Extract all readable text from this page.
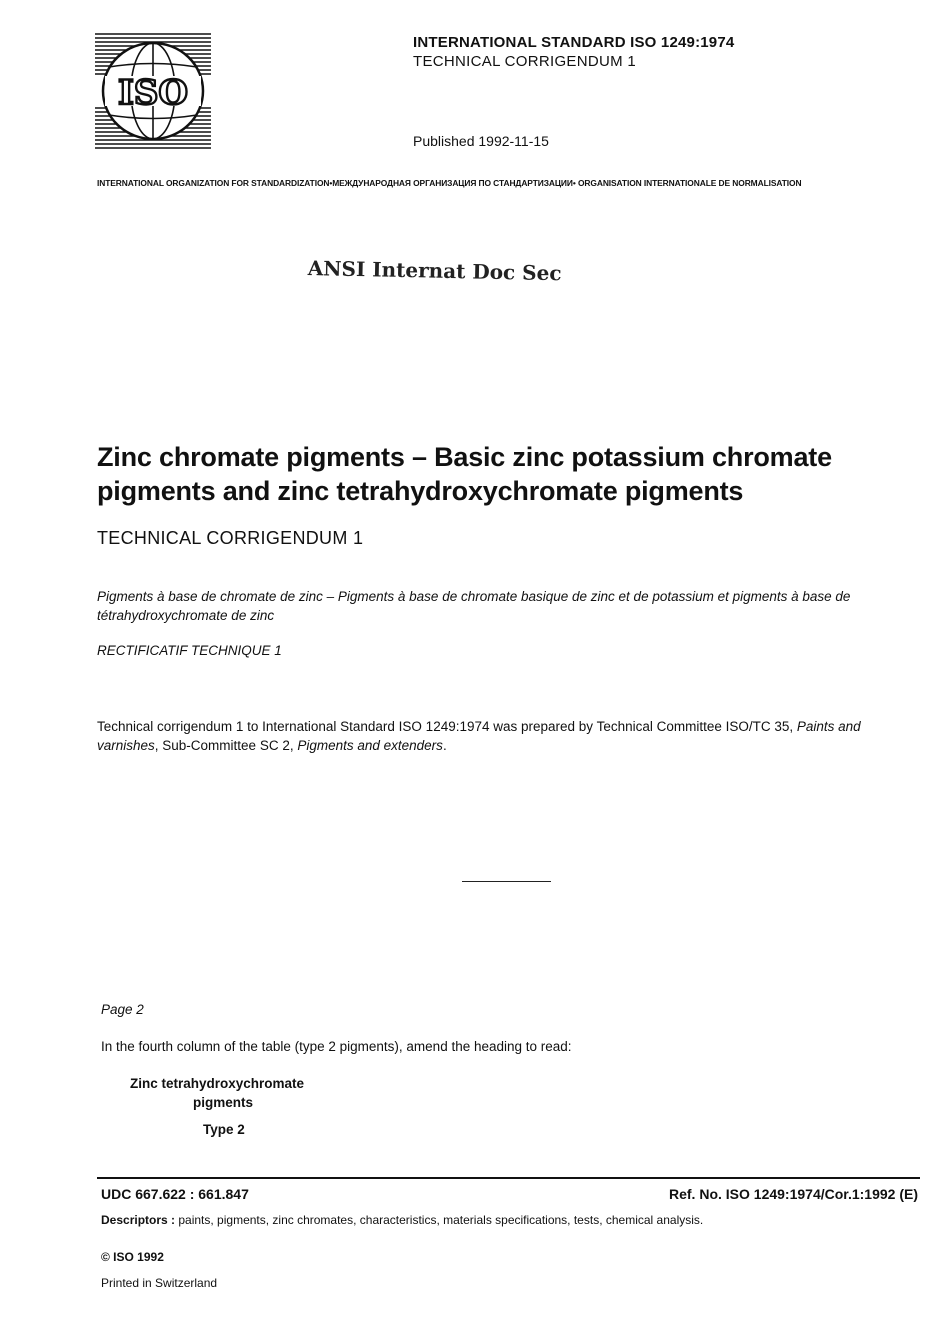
ISO
INTERNATIONAL STANDARD ISO 1249:1974
TECHNICAL CORRIGENDUM 1
Published 1992-11-15
INTERNATIONAL ORGANIZATION FOR STANDARDIZATION•МЕЖДУНАРОДНАЯ ОРГАНИЗАЦИЯ ПО СТАНДАРТИЗАЦИИ• ORGANISATION INTERNATIONALE DE NORMALISATION
ANSI Internat Doc Sec
Zinc chromate pigments – Basic zinc potassium chromate pigments and zinc tetrahydroxychromate pigments
TECHNICAL CORRIGENDUM 1
Pigments à base de chromate de zinc – Pigments à base de chromate basique de zinc et de potassium et pigments à base de tétrahydroxychromate de zinc
RECTIFICATIF TECHNIQUE 1
Technical corrigendum 1 to International Standard ISO 1249:1974 was prepared by Technical Committee ISO/TC 35, Paints and varnishes, Sub-Committee SC 2, Pigments and extenders.
Page 2
In the fourth column of the table (type 2 pigments), amend the heading to read:
Zinc tetrahydroxychromate
pigments
Type 2
UDC 667.622 : 661.847	Ref. No. ISO 1249:1974/Cor.1:1992 (E)
Descriptors : paints, pigments, zinc chromates, characteristics, materials specifications, tests, chemical analysis.
© ISO 1992
Printed in Switzerland
